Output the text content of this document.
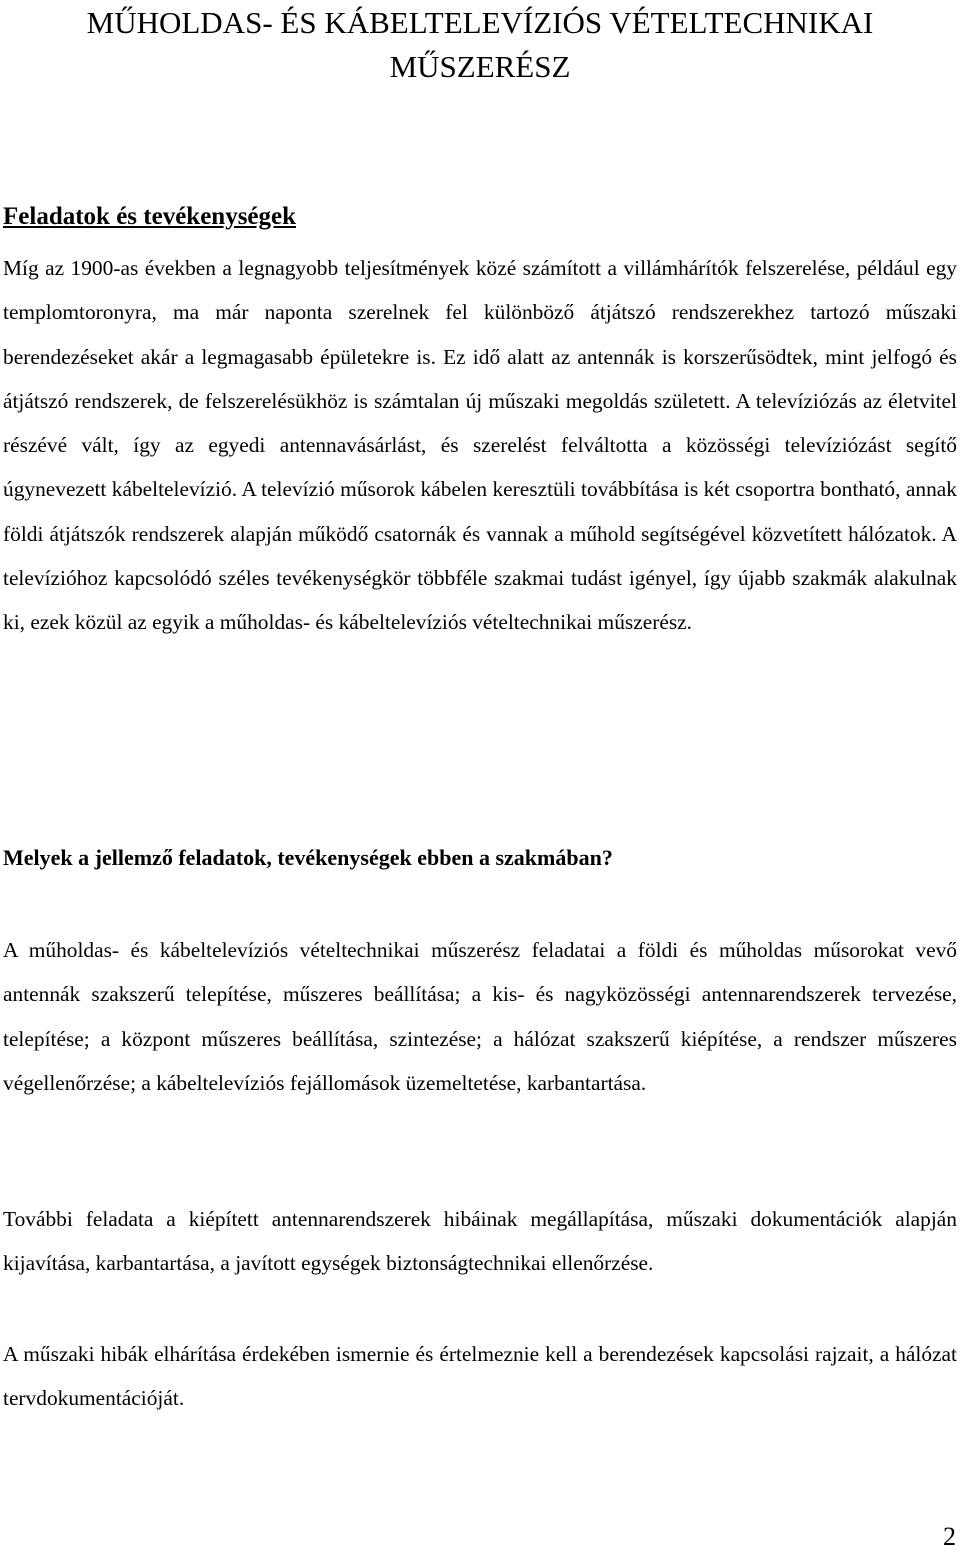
MŰHOLDAS- ÉS KÁBELTELEVÍZIÓS VÉTELTECHNIKAI
MŰSZERÉSZ
Feladatok és tevékenységek

Míg az 1900-as években a legnagyobb teljesítmények közé számított a villámhárítók felszerelése, például egy templomtoronyra, ma már naponta szerelnek fel különböző átjátszó rendszerekhez tartozó műszaki berendezéseket akár a legmagasabb épületekre is. Ez idő alatt az antennák is korszerűsödtek, mint jelfogó és átjátszó rendszerek, de felszerelésükhöz is számtalan új műszaki megoldás született. A televíziózás az életvitel részévé vált, így az egyedi antennavásárlást, és szerelést felváltotta a közösségi televíziózást segítő úgynevezett kábeltelevízió. A televízió műsorok kábelen keresztüli továbbítása is két csoportra bontható, annak földi átjátszók rendszerek alapján működő csatornák és vannak a műhold segítségével közvetített hálózatok. A televízióhoz kapcsolódó széles tevékenységkör többféle szakmai tudást igényel, így újabb szakmák alakulnak ki, ezek közül az egyik a műholdas- és kábeltelevíziós vételtechnikai műszerész.

Melyek a jellemző feladatok, tevékenységek ebben a szakmában?

A műholdas- és kábeltelevíziós vételtechnikai műszerész feladatai a földi és műholdas műsorokat vevő antennák szakszerű telepítése, műszeres beállítása; a kis- és nagyközösségi antennarendszerek tervezése, telepítése; a központ műszeres beállítása, szintezése; a hálózat szakszerű kiépítése, a rendszer műszeres végellenőrzése; a kábeltelevíziós fejállomások üzemeltetése, karbantartása.

További feladata a kiépített antennarendszerek hibáinak megállapítása, műszaki dokumentációk alapján kijavítása, karbantartása, a javított egységek biztonságtechnikai ellenőrzése.

A műszaki hibák elhárítása érdekében ismernie és értelmeznie kell a berendezések kapcsolási rajzait, a hálózat tervdokumentációját.

2
